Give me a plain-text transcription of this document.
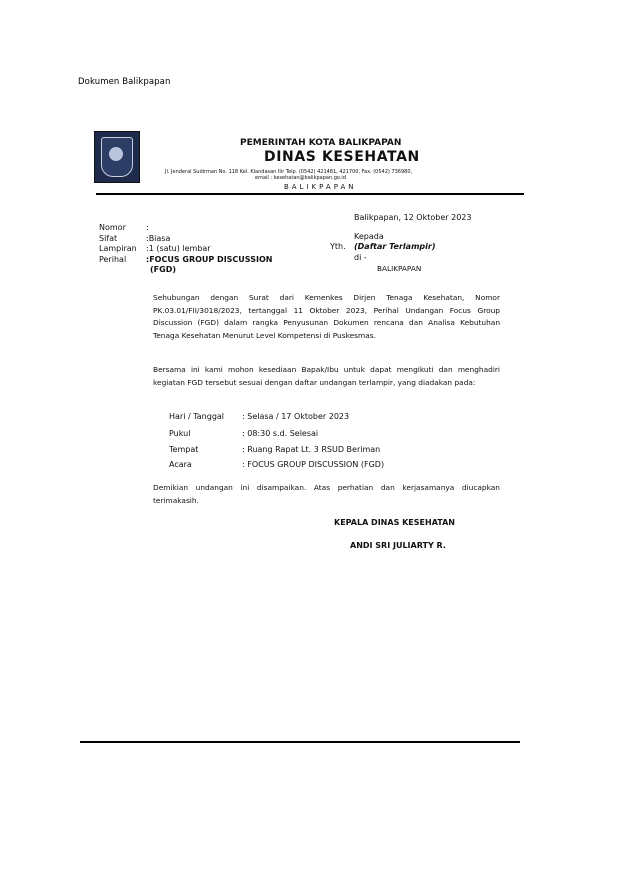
Dokumen Balikpapan
PEMERINTAH KOTA BALIKPAPAN
DINAS KESEHATAN
Jl. Jenderal Sudirman No. 118 Kel. Klandasan Ilir Telp. (0542) 421481, 421700, Fax. (0542) 736980,
email : kesehatan@balikpapan.go.id
BALIKPAPAN
Balikpapan, 12 Oktober 2023
Nomor	:
Sifat	:Biasa
Lampiran :1 (satu) lembar
Perihal :FOCUS GROUP DISCUSSION
(FGD)
Kepada
Yth. (Daftar Terlampir)
di -
BALIKPAPAN
Sehubungan dengan Surat dari Kemenkes Dirjen Tenaga Kesehatan, Nomor PK.03.01/FII/3018/2023, tertanggal 11 Oktober 2023, Perihal Undangan Focus Group Discussion (FGD) dalam rangka Penyusunan Dokumen rencana dan Analisa Kebutuhan Tenaga Kesehatan Menurut Level Kompetensi di Puskesmas.
Bersama ini kami mohon kesediaan Bapak/Ibu untuk dapat mengikuti dan menghadiri kegiatan FGD tersebut sesuai dengan daftar undangan terlampir, yang diadakan pada:
Hari / Tanggal : Selasa / 17 Oktober 2023
Pukul	: 08:30 s.d. Selesai
Tempat	: Ruang Rapat Lt. 3 RSUD Beriman
Acara	: FOCUS GROUP DISCUSSION (FGD)
Demikian undangan ini disampaikan. Atas perhatian dan kerjasamanya diucapkan terimakasih.
KEPALA DINAS KESEHATAN
ANDI SRI JULIARTY R.
